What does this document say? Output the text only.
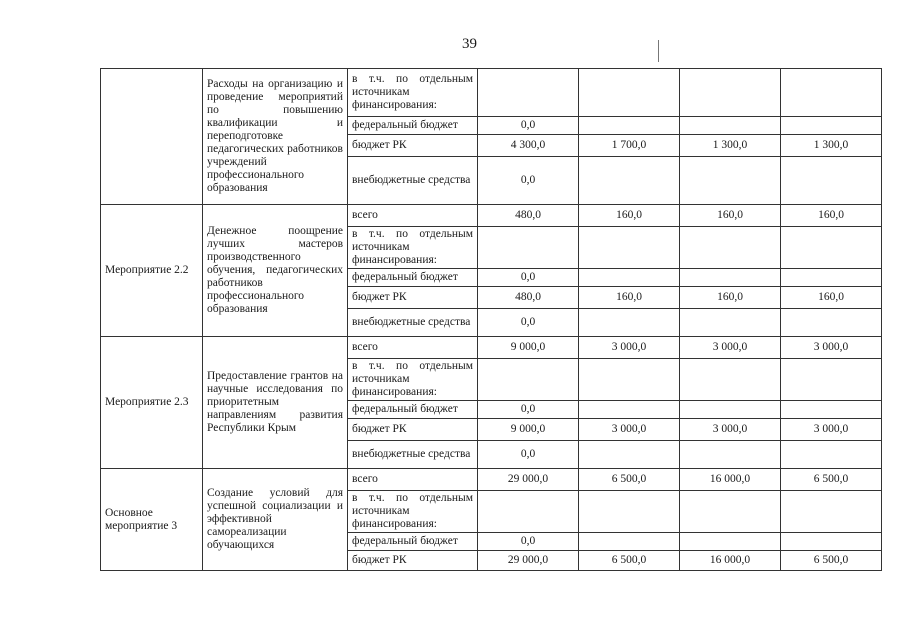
39
	Расходы на организацию и проведение мероприятий по повышению квалификации и переподготовке педагогических работников учреждений профессионального образования	в т.ч. по отдельным источникам финансирования:				
		федеральный бюджет	0,0			
		бюджет РК	4 300,0	1 700,0	1 300,0	1 300,0
		внебюджетные средства	0,0			
Мероприятие 2.2	Денежное поощрение лучших мастеров производственного обучения, педагогических работников профессионального образования	всего	480,0	160,0	160,0	160,0
		в т.ч. по отдельным источникам финансирования:				
		федеральный бюджет	0,0			
		бюджет РК	480,0	160,0	160,0	160,0
		внебюджетные средства	0,0			
Мероприятие 2.3	Предоставление грантов на научные исследования по приоритетным направлениям развития Республики Крым	всего	9 000,0	3 000,0	3 000,0	3 000,0
		в т.ч. по отдельным источникам финансирования:				
		федеральный бюджет	0,0			
		бюджет РК	9 000,0	3 000,0	3 000,0	3 000,0
		внебюджетные средства	0,0			
Основное мероприятие 3	Создание условий для успешной социализации и эффективной самореализации обучающихся	всего	29 000,0	6 500,0	16 000,0	6 500,0
		в т.ч. по отдельным источникам финансирования:				
		федеральный бюджет	0,0			
		бюджет РК	29 000,0	6 500,0	16 000,0	6 500,0
